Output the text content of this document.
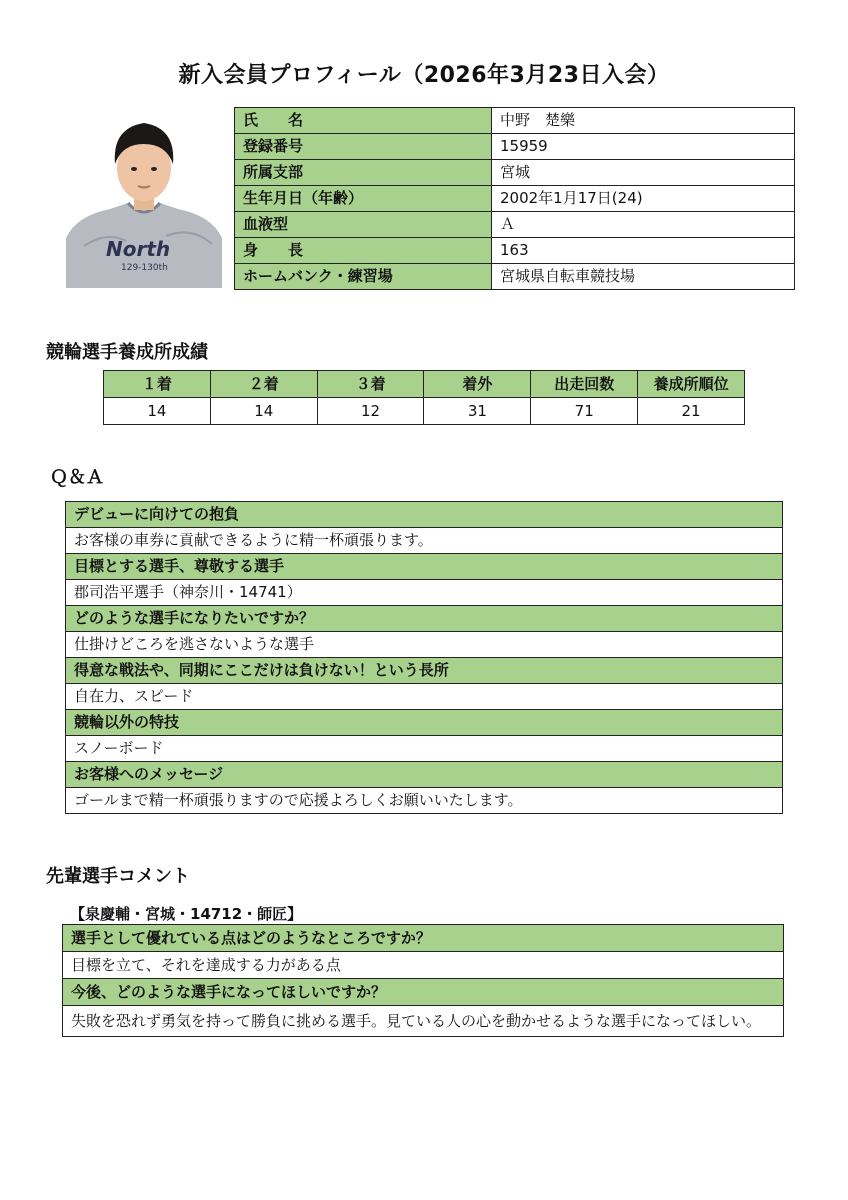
新入会員プロフィール（2026年3月23日入会）
North
129-130th
氏　　名	中野　楚樂
登録番号	15959
所属支部	宮城
生年月日（年齢）	2002年1月17日(24)
血液型	Ａ
身　　長	163
ホームバンク・練習場	宮城県自転車競技場
競輪選手養成所成績
１着	２着	３着	着外	出走回数	養成所順位
14	14	12	31	71	21
Ｑ＆Ａ
デビューに向けての抱負
お客様の車券に貢献できるように精一杯頑張ります。
目標とする選手、尊敬する選手
郡司浩平選手（神奈川・14741）
どのような選手になりたいですか？
仕掛けどころを逃さないような選手
得意な戦法や、同期にここだけは負けない！という長所
自在力、スピード
競輪以外の特技
スノーボード
お客様へのメッセージ
ゴールまで精一杯頑張りますので応援よろしくお願いいたします。
先輩選手コメント
【泉慶輔・宮城・14712・師匠】
選手として優れている点はどのようなところですか？
目標を立て、それを達成する力がある点
今後、どのような選手になってほしいですか？
失敗を恐れず勇気を持って勝負に挑める選手。見ている人の心を動かせるような選手になってほしい。
